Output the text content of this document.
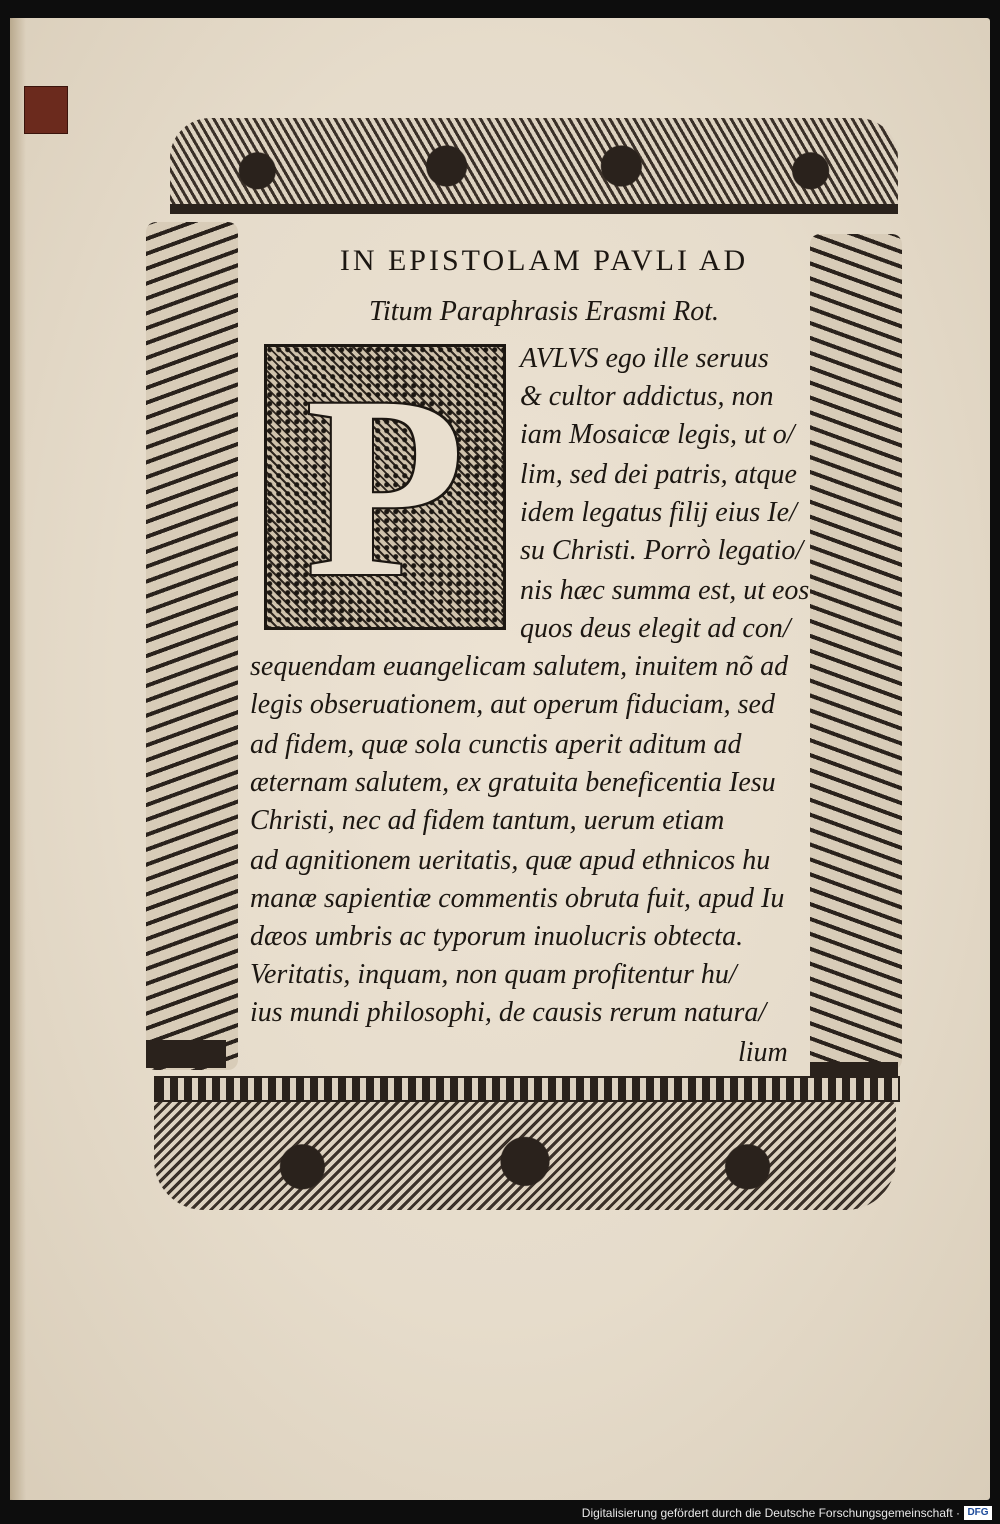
IN EPISTOLAM PAVLI AD
Titum Paraphrasis Erasmi Rot.
P AVLVS ego ille seruus
& cultor addictus, non
iam Mosaicæ legis, ut o/
lim, sed dei patris, atque
idem legatus filij eius Ie/
su Christi. Porrò legatio/
nis hæc summa est, ut eos
quos deus elegit ad con/
sequendam euangelicam salutem, inuitem nõ ad
legis obseruationem, aut operum fiduciam, sed
ad fidem, quæ sola cunctis aperit aditum ad
æternam salutem, ex gratuita beneficentia Iesu
Christi, nec ad fidem tantum, uerum etiam
ad agnitionem ueritatis, quæ apud ethnicos hu
manæ sapientiæ commentis obruta fuit, apud Iu
dæos umbris ac typorum inuolucris obtecta.
Veritatis, inquam, non quam profitentur hu/
ius mundi philosophi, de causis rerum natura/
lium
Digitalisierung gefördert durch die Deutsche Forschungsgemeinschaft · DFG
